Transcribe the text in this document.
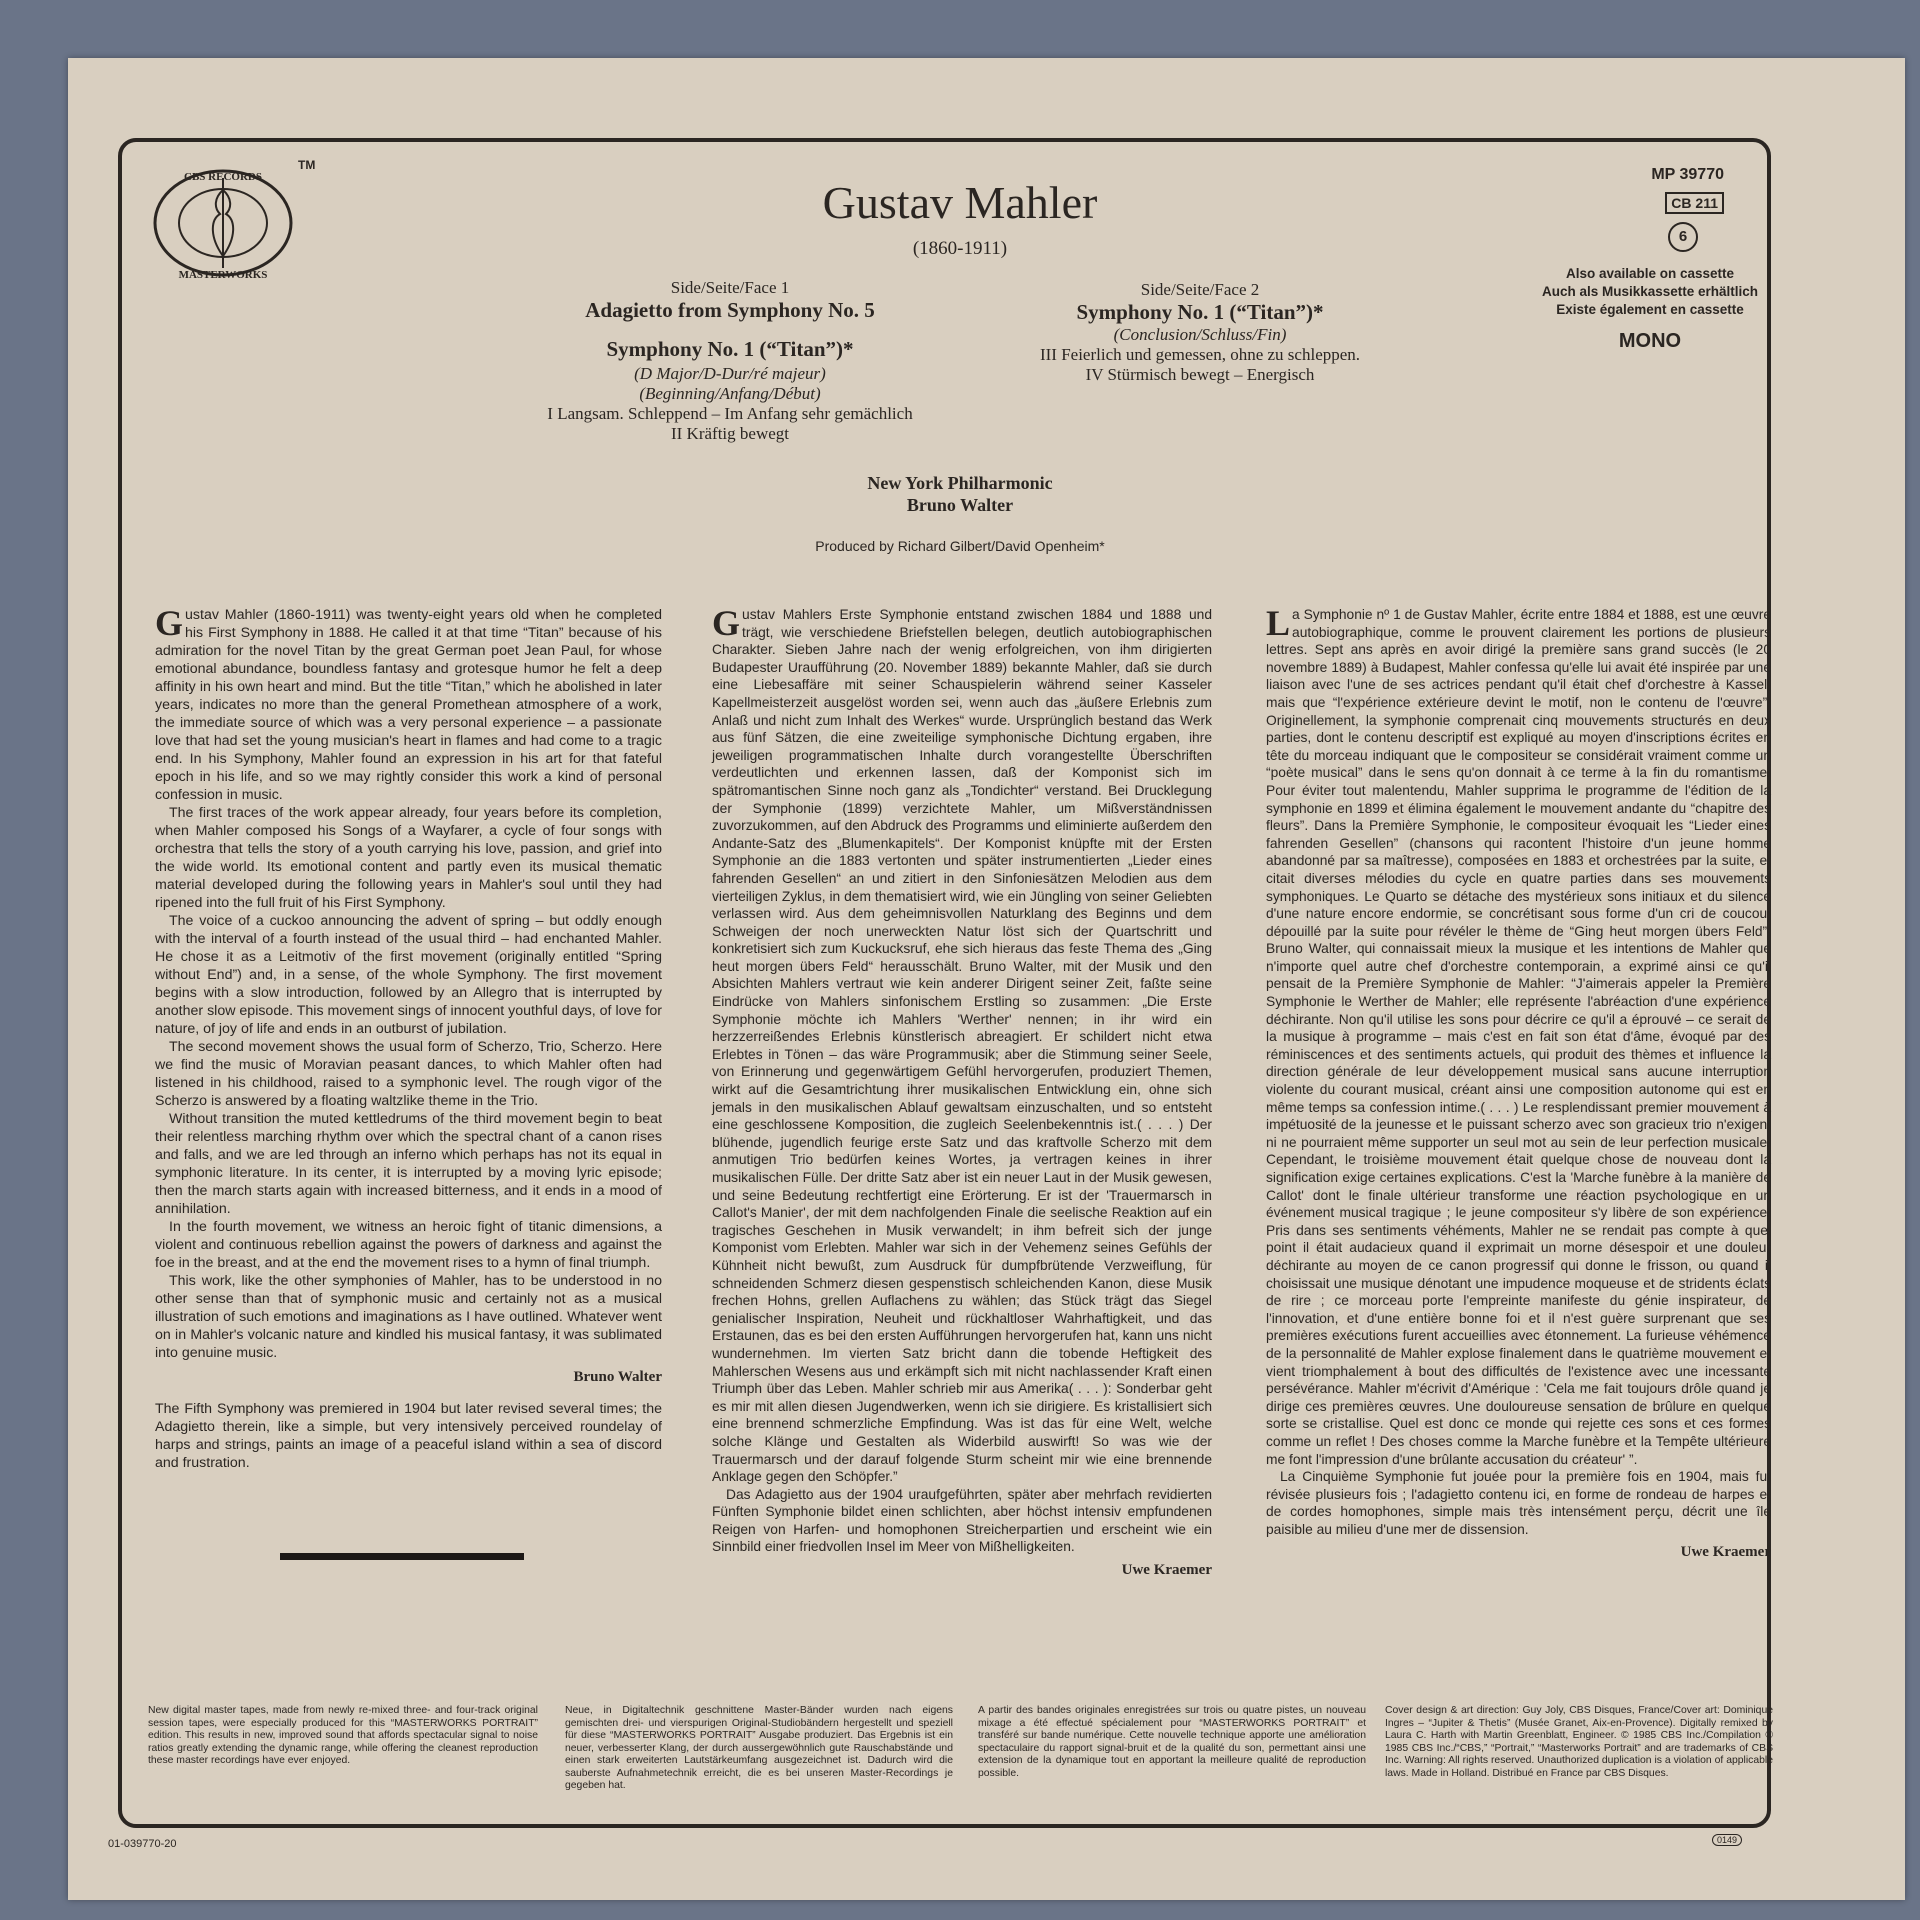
CBS RECORDS
MASTERWORKS
TM
Gustav Mahler
(1860-1911)
MP 39770
CB 211
6
Also available on cassette
Auch als Musikkassette erhältlich
Existe également en cassette
MONO
Side/Seite/Face 1
Adagietto from Symphony No. 5
Symphony No. 1 (“Titan”)*
(D Major/D-Dur/ré majeur)
(Beginning/Anfang/Début)
I Langsam. Schleppend – Im Anfang sehr gemächlich
II Kräftig bewegt
Side/Seite/Face 2
Symphony No. 1 (“Titan”)*
(Conclusion/Schluss/Fin)
III Feierlich und gemessen, ohne zu schleppen.
IV Stürmisch bewegt – Energisch
New York Philharmonic
Bruno Walter
Produced by Richard Gilbert/David Openheim*

Gustav Mahler (1860-1911) was twenty-eight years old when he completed his First Symphony in 1888. He called it at that time “Titan” because of his admiration for the novel Titan by the great German poet Jean Paul, for whose emotional abundance, boundless fantasy and grotesque humor he felt a deep affinity in his own heart and mind. But the title “Titan,” which he abolished in later years, indicates no more than the general Promethean atmosphere of a work, the immediate source of which was a very personal experience – a passionate love that had set the young musician's heart in flames and had come to a tragic end. In his Symphony, Mahler found an expression in his art for that fateful epoch in his life, and so we may rightly consider this work a kind of personal confession in music.

The first traces of the work appear already, four years before its completion, when Mahler composed his Songs of a Wayfarer, a cycle of four songs with orchestra that tells the story of a youth carrying his love, passion, and grief into the wide world. Its emotional content and partly even its musical thematic material developed during the following years in Mahler's soul until they had ripened into the full fruit of his First Symphony.

The voice of a cuckoo announcing the advent of spring – but oddly enough with the interval of a fourth instead of the usual third – had enchanted Mahler. He chose it as a Leitmotiv of the first movement (originally entitled “Spring without End”) and, in a sense, of the whole Symphony. The first movement begins with a slow introduction, followed by an Allegro that is interrupted by another slow episode. This movement sings of innocent youthful days, of love for nature, of joy of life and ends in an outburst of jubilation.

The second movement shows the usual form of Scherzo, Trio, Scherzo. Here we find the music of Moravian peasant dances, to which Mahler often had listened in his childhood, raised to a symphonic level. The rough vigor of the Scherzo is answered by a floating waltzlike theme in the Trio.

Without transition the muted kettledrums of the third movement begin to beat their relentless marching rhythm over which the spectral chant of a canon rises and falls, and we are led through an inferno which perhaps has not its equal in symphonic literature. In its center, it is interrupted by a moving lyric episode; then the march starts again with increased bitterness, and it ends in a mood of annihilation.

In the fourth movement, we witness an heroic fight of titanic dimensions, a violent and continuous rebellion against the powers of darkness and against the foe in the breast, and at the end the movement rises to a hymn of final triumph.

This work, like the other symphonies of Mahler, has to be understood in no other sense than that of symphonic music and certainly not as a musical illustration of such emotions and imaginations as I have outlined. Whatever went on in Mahler's volcanic nature and kindled his musical fantasy, it was sublimated into genuine music.

Bruno Walter

The Fifth Symphony was premiered in 1904 but later revised several times; the Adagietto therein, like a simple, but very intensively perceived roundelay of harps and strings, paints an image of a peaceful island within a sea of discord and frustration.

Gustav Mahlers Erste Symphonie entstand zwischen 1884 und 1888 und trägt, wie verschiedene Briefstellen belegen, deutlich autobiographischen Charakter. Sieben Jahre nach der wenig erfolgreichen, von ihm dirigierten Budapester Uraufführung (20. November 1889) bekannte Mahler, daß sie durch eine Liebesaffäre mit seiner Schauspielerin während seiner Kasseler Kapellmeisterzeit ausgelöst worden sei, wenn auch das „äußere Erlebnis zum Anlaß und nicht zum Inhalt des Werkes“ wurde. Ursprünglich bestand das Werk aus fünf Sätzen, die eine zweiteilige symphonische Dichtung ergaben, ihre jeweiligen programmatischen Inhalte durch vorangestellte Überschriften verdeutlichten und erkennen lassen, daß der Komponist sich im spätromantischen Sinne noch ganz als „Tondichter“ verstand. Bei Drucklegung der Symphonie (1899) verzichtete Mahler, um Mißverständnissen zuvorzukommen, auf den Abdruck des Programms und eliminierte außerdem den Andante-Satz des „Blumenkapitels“. Der Komponist knüpfte mit der Ersten Symphonie an die 1883 vertonten und später instrumentierten „Lieder eines fahrenden Gesellen“ an und zitiert in den Sinfoniesätzen Melodien aus dem vierteiligen Zyklus, in dem thematisiert wird, wie ein Jüngling von seiner Geliebten verlassen wird. Aus dem geheimnisvollen Naturklang des Beginns und dem Schweigen der noch unerweckten Natur löst sich der Quartschritt und konkretisiert sich zum Kuckucksruf, ehe sich hieraus das feste Thema des „Ging heut morgen übers Feld“ herausschält. Bruno Walter, mit der Musik und den Absichten Mahlers vertraut wie kein anderer Dirigent seiner Zeit, faßte seine Eindrücke von Mahlers sinfonischem Erstling so zusammen: „Die Erste Symphonie möchte ich Mahlers 'Werther' nennen; in ihr wird ein herzzerreißendes Erlebnis künstlerisch abreagiert. Er schildert nicht etwa Erlebtes in Tönen – das wäre Programmusik; aber die Stimmung seiner Seele, von Erinnerung und gegenwärtigem Gefühl hervorgerufen, produziert Themen, wirkt auf die Gesamtrichtung ihrer musikalischen Entwicklung ein, ohne sich jemals in den musikalischen Ablauf gewaltsam einzuschalten, und so entsteht eine geschlossene Komposition, die zugleich Seelenbekenntnis ist.( . . . ) Der blühende, jugendlich feurige erste Satz und das kraftvolle Scherzo mit dem anmutigen Trio bedürfen keines Wortes, ja vertragen keines in ihrer musikalischen Fülle. Der dritte Satz aber ist ein neuer Laut in der Musik gewesen, und seine Bedeutung rechtfertigt eine Erörterung. Er ist der 'Trauermarsch in Callot's Manier', der mit dem nachfolgenden Finale die seelische Reaktion auf ein tragisches Geschehen in Musik verwandelt; in ihm befreit sich der junge Komponist vom Erlebten. Mahler war sich in der Vehemenz seines Gefühls der Kühnheit nicht bewußt, zum Ausdruck für dumpfbrütende Verzweiflung, für schneidenden Schmerz diesen gespenstisch schleichenden Kanon, diese Musik frechen Hohns, grellen Auflachens zu wählen; das Stück trägt das Siegel genialischer Inspiration, Neuheit und rückhaltloser Wahrhaftigkeit, und das Erstaunen, das es bei den ersten Aufführungen hervorgerufen hat, kann uns nicht wundernehmen. Im vierten Satz bricht dann die tobende Heftigkeit des Mahlerschen Wesens aus und erkämpft sich mit nicht nachlassender Kraft einen Triumph über das Leben. Mahler schrieb mir aus Amerika( . . . ): Sonderbar geht es mir mit allen diesen Jugendwerken, wenn ich sie dirigiere. Es kristallisiert sich eine brennend schmerzliche Empfindung. Was ist das für eine Welt, welche solche Klänge und Gestalten als Widerbild auswirft! So was wie der Trauermarsch und der darauf folgende Sturm scheint mir wie eine brennende Anklage gegen den Schöpfer.”

Das Adagietto aus der 1904 uraufgeführten, später aber mehrfach revidierten Fünften Symphonie bildet einen schlichten, aber höchst intensiv empfundenen Reigen von Harfen- und homophonen Streicherpartien und erscheint wie ein Sinnbild einer friedvollen Insel im Meer von Mißhelligkeiten.

Uwe Kraemer

La Symphonie nº 1 de Gustav Mahler, écrite entre 1884 et 1888, est une œuvre autobiographique, comme le prouvent clairement les portions de plusieurs lettres. Sept ans après en avoir dirigé la première sans grand succès (le 20 novembre 1889) à Budapest, Mahler confessa qu'elle lui avait été inspirée par une liaison avec l'une de ses actrices pendant qu'il était chef d'orchestre à Kassel, mais que “l'expérience extérieure devint le motif, non le contenu de l'œuvre”. Originellement, la symphonie comprenait cinq mouvements structurés en deux parties, dont le contenu descriptif est expliqué au moyen d'inscriptions écrites en tête du morceau indiquant que le compositeur se considérait vraiment comme un “poète musical” dans le sens qu'on donnait à ce terme à la fin du romantisme. Pour éviter tout malentendu, Mahler supprima le programme de l'édition de la symphonie en 1899 et élimina également le mouvement andante du “chapitre des fleurs”. Dans la Première Symphonie, le compositeur évoquait les “Lieder eines fahrenden Gesellen” (chansons qui racontent l'histoire d'un jeune homme abandonné par sa maîtresse), composées en 1883 et orchestrées par la suite, et citait diverses mélodies du cycle en quatre parties dans ses mouvements symphoniques. Le Quarto se détache des mystérieux sons initiaux et du silence d'une nature encore endormie, se concrétisant sous forme d'un cri de coucou, dépouillé par la suite pour révéler le thème de “Ging heut morgen übers Feld”. Bruno Walter, qui connaissait mieux la musique et les intentions de Mahler que n'importe quel autre chef d'orchestre contemporain, a exprimé ainsi ce qu'il pensait de la Première Symphonie de Mahler: “J'aimerais appeler la Première Symphonie le Werther de Mahler; elle représente l'abréaction d'une expérience déchirante. Non qu'il utilise les sons pour décrire ce qu'il a éprouvé – ce serait de la musique à programme – mais c'est en fait son état d'âme, évoqué par des réminiscences et des sentiments actuels, qui produit des thèmes et influence la direction générale de leur développement musical sans aucune interruption violente du courant musical, créant ainsi une composition autonome qui est en même temps sa confession intime.( . . . ) Le resplendissant premier mouvement à impétuosité de la jeunesse et le puissant scherzo avec son gracieux trio n'exigent ni ne pourraient même supporter un seul mot au sein de leur perfection musicale. Cependant, le troisième mouvement était quelque chose de nouveau dont la signification exige certaines explications. C'est la 'Marche funèbre à la manière de Callot' dont le finale ultérieur transforme une réaction psychologique en un événement musical tragique ; le jeune compositeur s'y libère de son expérience. Pris dans ses sentiments véhéments, Mahler ne se rendait pas compte à quel point il était audacieux quand il exprimait un morne désespoir et une douleur déchirante au moyen de ce canon progressif qui donne le frisson, ou quand il choisissait une musique dénotant une impudence moqueuse et de stridents éclats de rire ; ce morceau porte l'empreinte manifeste du génie inspirateur, de l'innovation, et d'une entière bonne foi et il n'est guère surprenant que ses premières exécutions furent accueillies avec étonnement. La furieuse véhémence de la personnalité de Mahler explose finalement dans le quatrième mouvement et vient triomphalement à bout des difficultés de l'existence avec une incessante persévérance. Mahler m'écrivit d'Amérique : 'Cela me fait toujours drôle quand je dirige ces premières œuvres. Une douloureuse sensation de brûlure en quelque sorte se cristallise. Quel est donc ce monde qui rejette ces sons et ces formes comme un reflet ! Des choses comme la Marche funèbre et la Tempête ultérieure me font l'impression d'une brûlante accusation du créateur' ”.

La Cinquième Symphonie fut jouée pour la première fois en 1904, mais fut révisée plusieurs fois ; l'adagietto contenu ici, en forme de rondeau de harpes et de cordes homophones, simple mais très intensément perçu, décrit une île paisible au milieu d'une mer de dissension.

Uwe Kraemer
New digital master tapes, made from newly re-mixed three- and four-track original session tapes, were especially produced for this “MASTERWORKS PORTRAIT” edition. This results in new, improved sound that affords spectacular signal to noise ratios greatly extending the dynamic range, while offering the cleanest reproduction these master recordings have ever enjoyed.
Neue, in Digitaltechnik geschnittene Master-Bänder wurden nach eigens gemischten drei- und vierspurigen Original-Studiobändern hergestellt und speziell für diese “MASTERWORKS PORTRAIT” Ausgabe produziert. Das Ergebnis ist ein neuer, verbesserter Klang, der durch aussergewöhnlich gute Rauschabstände und einen stark erweiterten Lautstärkeumfang ausgezeichnet ist. Dadurch wird die sauberste Aufnahmetechnik erreicht, die es bei unseren Master-Recordings je gegeben hat.
A partir des bandes originales enregistrées sur trois ou quatre pistes, un nouveau mixage a été effectué spécialement pour “MASTERWORKS PORTRAIT” et transféré sur bande numérique. Cette nouvelle technique apporte une amélioration spectaculaire du rapport signal-bruit et de la qualité du son, permettant ainsi une extension de la dynamique tout en apportant la meilleure qualité de reproduction possible.
Cover design & art direction: Guy Joly, CBS Disques, France/Cover art: Dominique Ingres – “Jupiter & Thetis” (Musée Granet, Aix-en-Provence). Digitally remixed by Laura C. Harth with Martin Greenblatt, Engineer. © 1985 CBS Inc./Compilation ℗ 1985 CBS Inc./“CBS,” “Portrait,” “Masterworks Portrait” and are trademarks of CBS Inc. Warning: All rights reserved. Unauthorized duplication is a violation of applicable laws. Made in Holland. Distribué en France par CBS Disques.
01-039770-20	0149
